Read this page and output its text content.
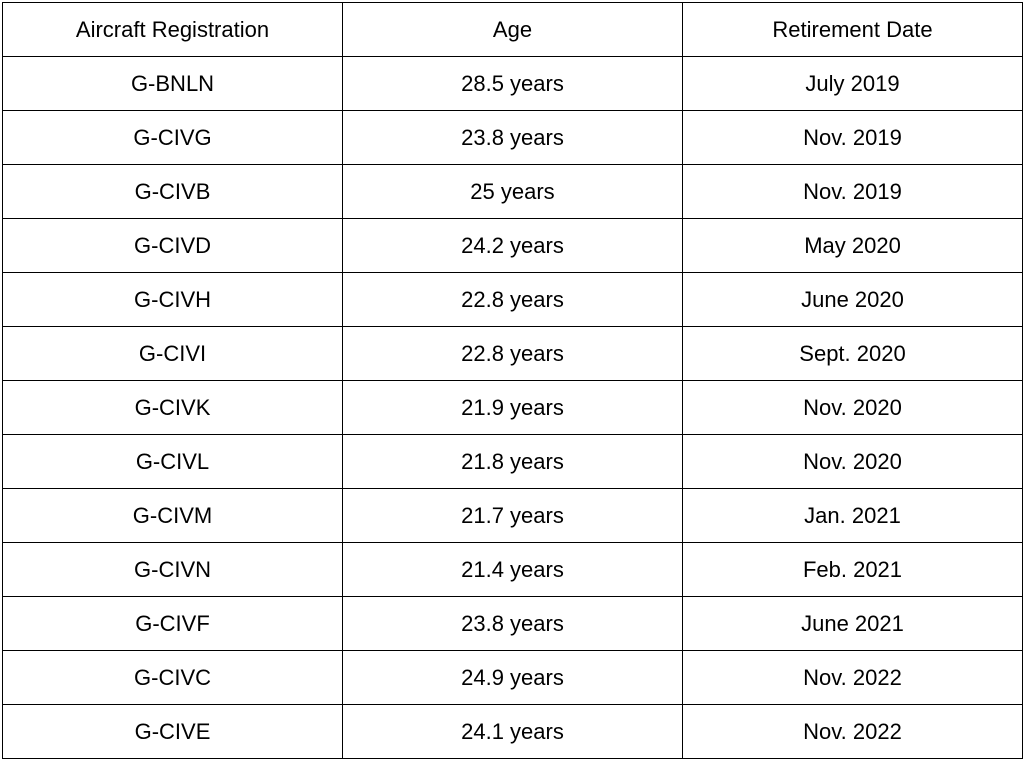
Aircraft Registration	Age	Retirement Date
G-BNLN	28.5 years	July 2019
G-CIVG	23.8 years	Nov. 2019
G-CIVB	25 years	Nov. 2019
G-CIVD	24.2 years	May 2020
G-CIVH	22.8 years	June 2020
G-CIVI	22.8 years	Sept. 2020
G-CIVK	21.9 years	Nov. 2020
G-CIVL	21.8 years	Nov. 2020
G-CIVM	21.7 years	Jan. 2021
G-CIVN	21.4 years	Feb. 2021
G-CIVF	23.8 years	June 2021
G-CIVC	24.9 years	Nov. 2022
G-CIVE	24.1 years	Nov. 2022
